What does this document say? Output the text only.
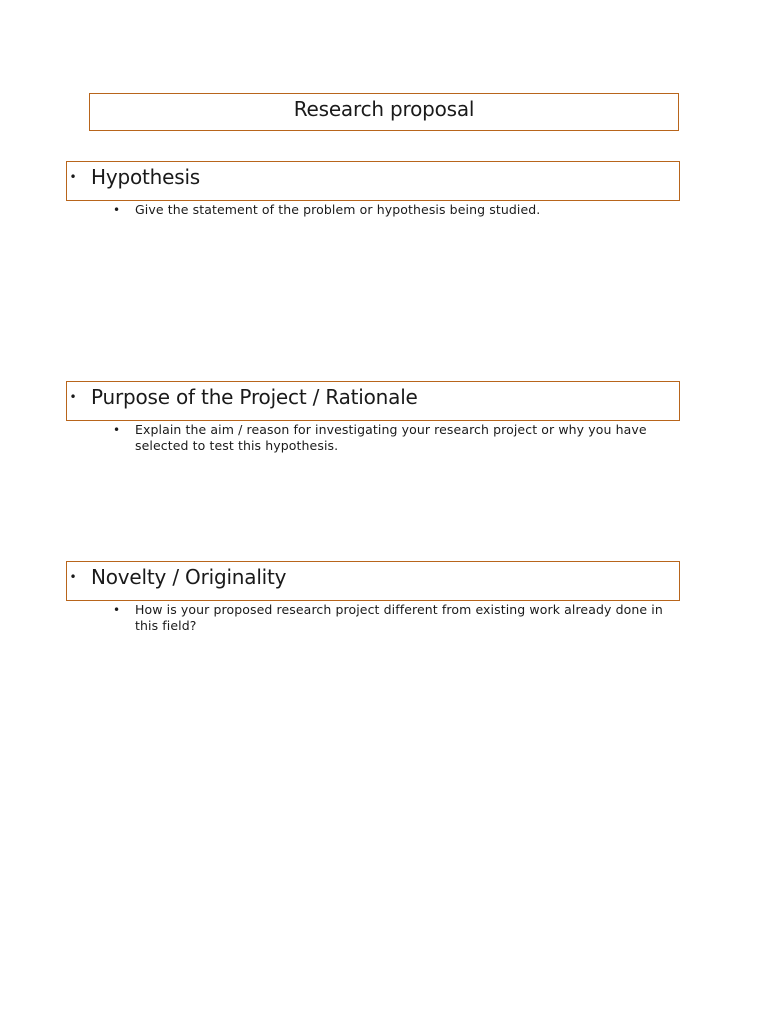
Research proposal
• Hypothesis
• Give the statement of the problem or hypothesis being studied.
• Purpose of the Project / Rationale
• Explain the aim / reason for investigating your research project or why you have selected to test this hypothesis.
• Novelty / Originality
• How is your proposed research project different from existing work already done in this field?
